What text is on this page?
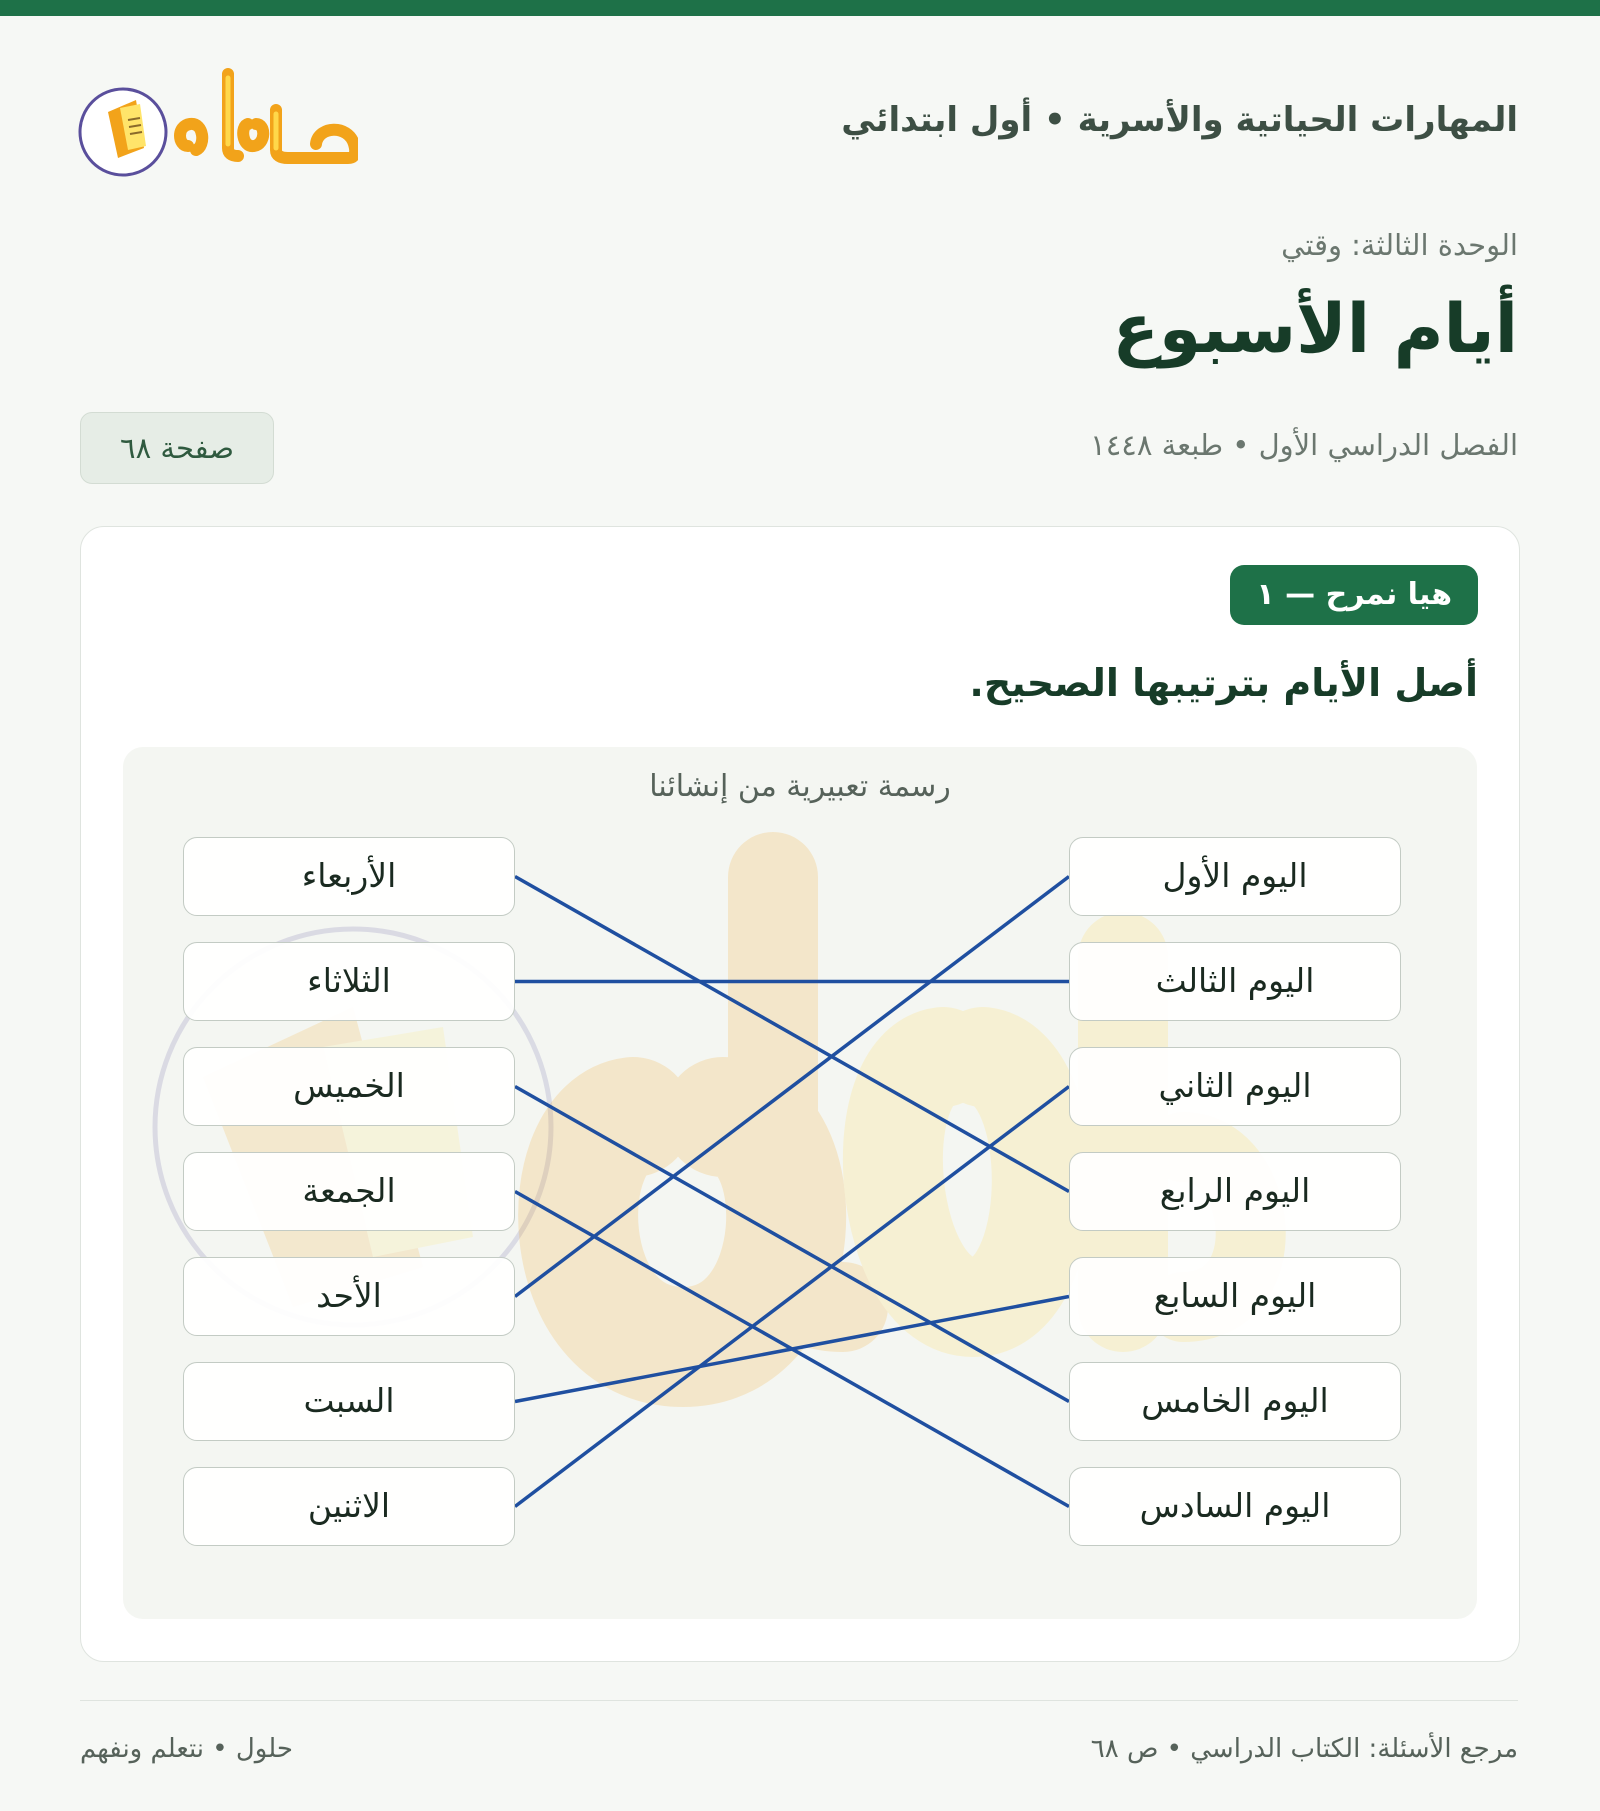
المهارات الحياتية والأسرية • أول ابتدائي
الوحدة الثالثة: وقتي
أيام الأسبوع
الفصل الدراسي الأول • طبعة ١٤٤٨
صفحة ٦٨
هيا نمرح — ١
أصل الأيام بترتيبها الصحيح.
رسمة تعبيرية من إنشائنا
الأربعاء
الثلاثاء
الخميس
الجمعة
الأحد
السبت
الاثنين
اليوم الأول
اليوم الثالث
اليوم الثاني
اليوم الرابع
اليوم السابع
اليوم الخامس
اليوم السادس
مرجع الأسئلة: الكتاب الدراسي • ص ٦٨
حلول • نتعلم ونفهم
